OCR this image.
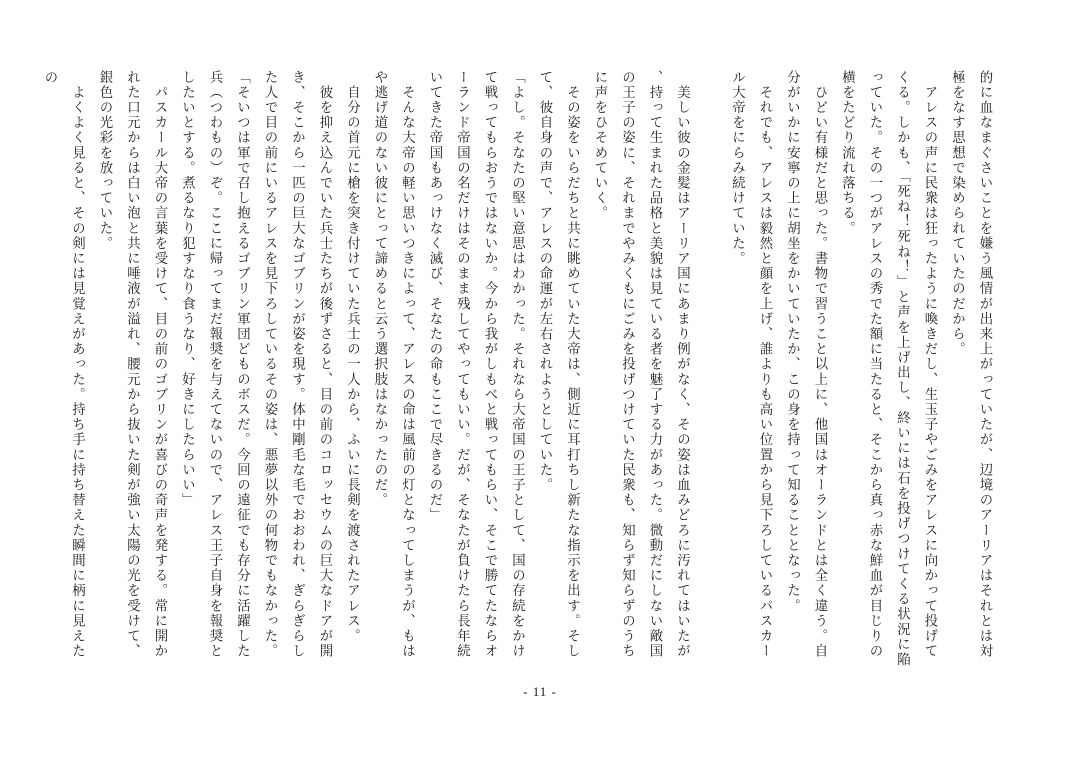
的に血なまぐさいことを嫌う風情が出来上がっていたが、辺境のアーリアはそれとは対極をなす思想で染められていたのだから。

　アレスの声に民衆は狂ったように喚きだし、生玉子やごみをアレスに向かって投げてくる。しかも、「死ね！死ね！」と声を上げ出し、終いには石を投げつけてくる状況に陥っていた。その一つがアレスの秀でた額に当たると、そこから真っ赤な鮮血が目じりの横をたどり流れ落ちる。

　ひどい有様だと思った。書物で習うこと以上に、他国はオーランドとは全く違う。自分がいかに安寧の上に胡坐をかいていたか、この身を持って知ることとなった。

　それでも、アレスは毅然と顔を上げ、誰よりも高い位置から見下ろしているパスカール大帝をにらみ続けていた。

　美しい彼の金髪はアーリア国にあまり例がなく、その姿は血みどろに汚れてはいたが、持って生まれた品格と美貌は見ている者を魅了する力があった。微動だにしない敵国の王子の姿に、それまでやみくもにごみを投げつけていた民衆も、知らず知らずのうちに声をひそめていく。

　その姿をいらだちと共に眺めていた大帝は、側近に耳打ちし新たな指示を出す。そして、彼自身の声で、アレスの命運が左右されようとしていた。

「よし。そなたの堅い意思はわかった。それなら大帝国の王子として、国の存続をかけて戦ってもらおうではないか。今から我がしもべと戦ってもらい、そこで勝てたならオーランド帝国の名だけはそのまま残してやってもいい。だが、そなたが負けたら長年続いてきた帝国もあっけなく滅び、そなたの命もここで尽きるのだ」

　そんな大帝の軽い思いつきによって、アレスの命は風前の灯となってしまうが、もはや逃げ道のない彼にとって諦めると云う選択肢はなかったのだ。

　自分の首元に槍を突き付けていた兵士の一人から、ふいに長剣を渡されたアレス。

　彼を抑え込んでいた兵士たちが後ずさると、目の前のコロッセウムの巨大なドアが開き、そこから一匹の巨大なゴブリンが姿を現す。体中剛毛な毛でおおわれ、ぎらぎらした人で目の前にいるアレスを見下ろしているその姿は、悪夢以外の何物でもなかった。

「そいつは軍で召し抱えるゴブリン軍団どものボスだ。今回の遠征でも存分に活躍した兵（つわもの）ぞ。ここに帰ってまだ報奨を与えてないので、アレス王子自身を報奨としたいとする。煮るなり犯すなり食うなり、好きにしたらいい」

　パスカール大帝の言葉を受けて、目の前のゴブリンが喜びの奇声を発する。常に開かれた口元からは白い泡と共に唾液が溢れ、腰元から抜いた剣が強い太陽の光を受けて、銀色の光彩を放っていた。

　よくよく見ると、その剣には見覚えがあった。持ち手に持ち替えた瞬間に柄に見えたの

- 11 -
